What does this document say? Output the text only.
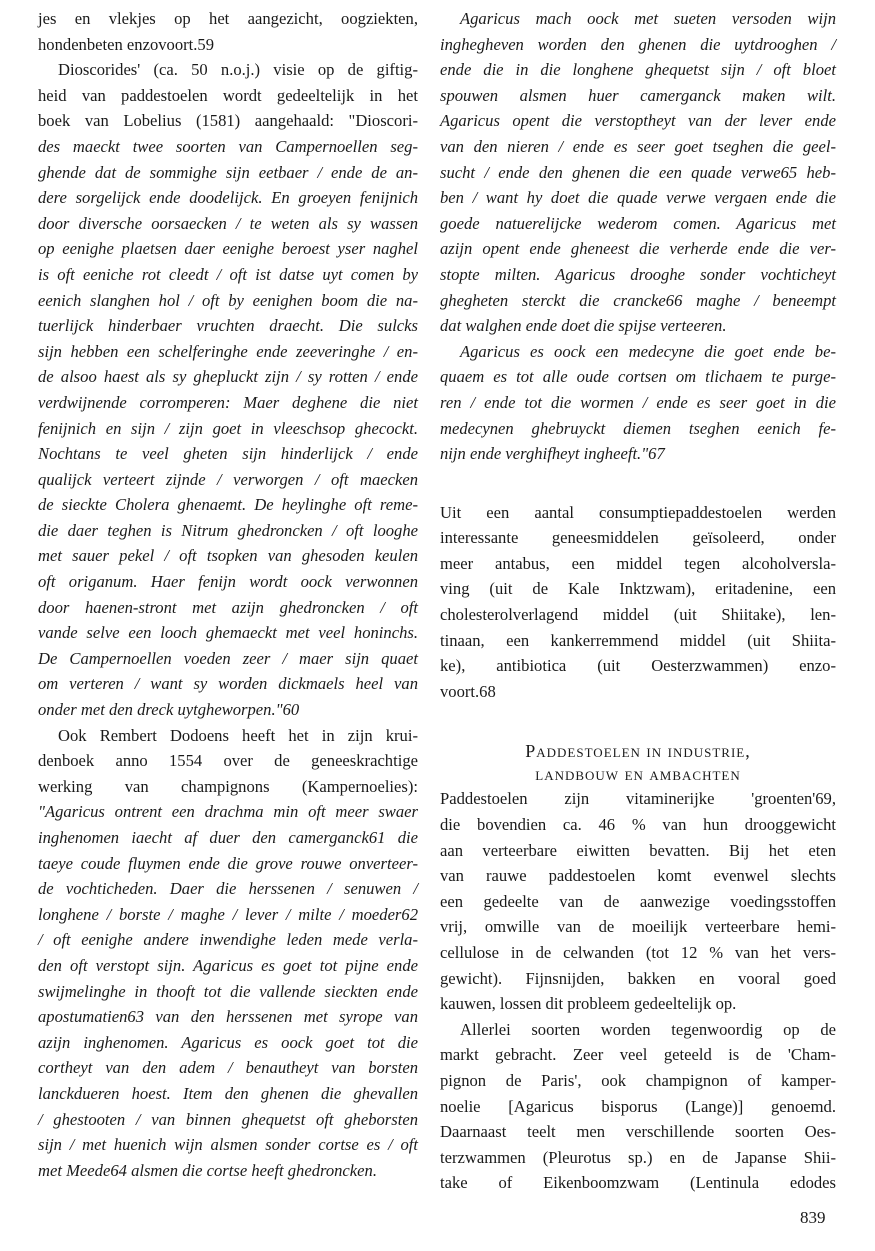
jes en vlekjes op het aangezicht, oogziekten,
hondenbeten enzovoort.59
Dioscorides' (ca. 50 n.o.j.) visie op de giftig-
heid van paddestoelen wordt gedeeltelijk in het
boek van Lobelius (1581) aangehaald: "Dioscori-
des maeckt twee soorten van Campernoellen seg-
ghende dat de sommighe sijn eetbaer / ende de an-
dere sorgelijck ende doodelijck. En groeyen fenijnich
door diversche oorsaecken / te weten als sy wassen
op eenighe plaetsen daer eenighe beroest yser naghel
is oft eeniche rot cleedt / oft ist datse uyt comen by
eenich slanghen hol / oft by eenighen boom die na-
tuerlijck hinderbaer vruchten draecht. Die sulcks
sijn hebben een schelferinghe ende zeeveringhe / en-
de alsoo haest als sy ghepluckt zijn / sy rotten / ende
verdwijnende corromperen: Maer deghene die niet
fenijnich en sijn / zijn goet in vleeschsop ghecockt.
Nochtans te veel gheten sijn hinderlijck / ende
qualijck verteert zijnde / verworgen / oft maecken
de sieckte Cholera ghenaemt. De heylinghe oft reme-
die daer teghen is Nitrum ghedroncken / oft looghe
met sauer pekel / oft tsopken van ghesoden keulen
oft origanum. Haer fenijn wordt oock verwonnen
door haenen-stront met azijn ghedroncken / oft
vande selve een looch ghemaeckt met veel honinchs.
De Campernoellen voeden zeer / maer sijn quaet
om verteren / want sy worden dickmaels heel van
onder met den dreck uytgheworpen."60
Ook Rembert Dodoens heeft het in zijn krui-
denboek anno 1554 over de geneeskrachtige
werking van champignons (Kampernoelies):
"Agaricus ontrent een drachma min oft meer swaer
inghenomen iaecht af duer den camerganck61 die
taeye coude fluymen ende die grove rouwe onverteer-
de vochticheden. Daer die herssenen / senuwen /
longhene / borste / maghe / lever / milte / moeder62
/ oft eenighe andere inwendighe leden mede verla-
den oft verstopt sijn. Agaricus es goet tot pijne ende
swijmelinghe in thooft tot die vallende sieckten ende
apostumatien63 van den herssenen met syrope van
azijn inghenomen. Agaricus es oock goet tot die
cortheyt van den adem / benautheyt van borsten
lanckdueren hoest. Item den ghenen die ghevallen
/ ghestooten / van binnen ghequetst oft gheborsten
sijn / met huenich wijn alsmen sonder cortse es / oft
met Meede64 alsmen die cortse heeft ghedroncken.
Agaricus mach oock met sueten versoden wijn
inghegheven worden den ghenen die uytdrooghen /
ende die in die longhene ghequetst sijn / oft bloet
spouwen alsmen huer camerganck maken wilt.
Agaricus opent die verstoptheyt van der lever ende
van den nieren / ende es seer goet tseghen die geel-
sucht / ende den ghenen die een quade verwe65 heb-
ben / want hy doet die quade verwe vergaen ende die
goede natuerelijcke wederom comen. Agaricus met
azijn opent ende gheneest die verherde ende die ver-
stopte milten. Agaricus drooghe sonder vochticheyt
ghegheten sterckt die crancke66 maghe / beneempt
dat walghen ende doet die spijse verteeren.
Agaricus es oock een medecyne die goet ende be-
quaem es tot alle oude cortsen om tlichaem te purge-
ren / ende tot die wormen / ende es seer goet in die
medecynen ghebruyckt diemen tseghen eenich fe-
nijn ende verghifheyt ingheeft."67
Uit een aantal consumptiepaddestoelen werden
interessante geneesmiddelen geïsoleerd, onder
meer antabus, een middel tegen alcoholversla-
ving (uit de Kale Inktzwam), eritadenine, een
cholesterolverlagend middel (uit Shiitake), len-
tinaan, een kankerremmend middel (uit Shiita-
ke), antibiotica (uit Oesterzwammen) enzo-
voort.68
Paddestoelen in industrie,
landbouw en ambachten
Paddestoelen zijn vitaminerijke 'groenten'69,
die bovendien ca. 46 % van hun drooggewicht
aan verteerbare eiwitten bevatten. Bij het eten
van rauwe paddestoelen komt evenwel slechts
een gedeelte van de aanwezige voedingsstoffen
vrij, omwille van de moeilijk verteerbare hemi-
cellulose in de celwanden (tot 12 % van het vers-
gewicht). Fijnsnijden, bakken en vooral goed
kauwen, lossen dit probleem gedeeltelijk op.
Allerlei soorten worden tegenwoordig op de
markt gebracht. Zeer veel geteeld is de 'Cham-
pignon de Paris', ook champignon of kamper-
noelie [Agaricus bisporus (Lange)] genoemd.
Daarnaast teelt men verschillende soorten Oes-
terzwammen (Pleurotus sp.) en de Japanse Shii-
take of Eikenboomzwam (Lentinula edodes
839
